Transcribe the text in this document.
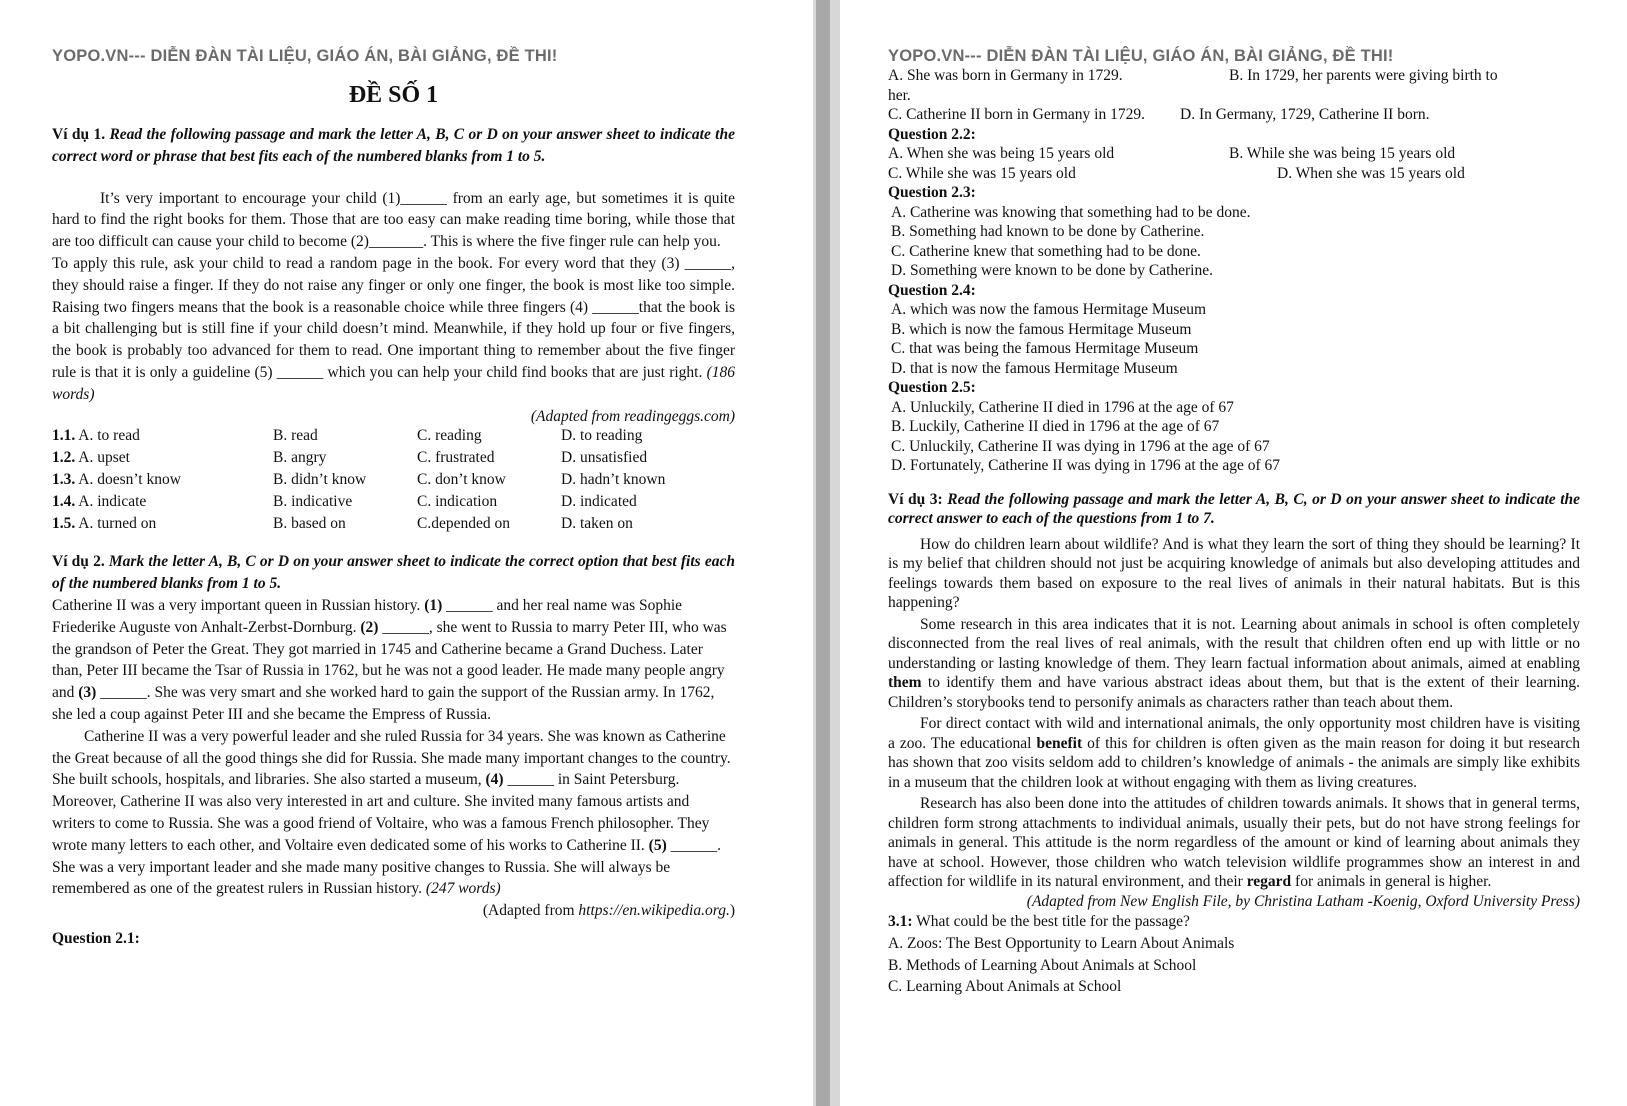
YOPO.VN--- DIỄN ĐÀN TÀI LIỆU, GIÁO ÁN, BÀI GIẢNG, ĐỀ THI!
ĐỀ SỐ 1

Ví dụ 1. Read the following passage and mark the letter A, B, C or D on your answer sheet to indicate the correct word or phrase that best fits each of the numbered blanks from 1 to 5.

It’s very important to encourage your child (1)______ from an early age, but sometimes it is quite hard to find the right books for them. Those that are too easy can make reading time boring, while those that are too difficult can cause your child to become (2)_______. This is where the five finger rule can help you.

To apply this rule, ask your child to read a random page in the book. For every word that they (3) ______, they should raise a finger. If they do not raise any finger or only one finger, the book is most like too simple. Raising two fingers means that the book is a reasonable choice while three fingers (4) ______that the book is a bit challenging but is still fine if your child doesn’t mind. Meanwhile, if they hold up four or five fingers, the book is probably too advanced for them to read. One important thing to remember about the five finger rule is that it is only a guideline (5) ______ which you can help your child find books that are just right. (186 words)

(Adapted from readingeggs.com)

1.1. A. to read	B. read	C. reading	D. to reading
1.2. A. upset	B. angry	C. frustrated	D. unsatisfied
1.3. A. doesn’t know	B. didn’t know	C. don’t know	D. hadn’t known
1.4. A. indicate	B. indicative	C. indication	D. indicated
1.5. A. turned on	B. based on	C.depended on	D. taken on

Ví dụ 2. Mark the letter A, B, C or D on your answer sheet to indicate the correct option that best fits each of the numbered blanks from 1 to 5.

Catherine II was a very important queen in Russian history. (1) ______ and her real name was Sophie Friederike Auguste von Anhalt-Zerbst-Dornburg. (2) ______, she went to Russia to marry Peter III, who was the grandson of Peter the Great. They got married in 1745 and Catherine became a Grand Duchess. Later than, Peter III became the Tsar of Russia in 1762, but he was not a good leader. He made many people angry and (3) ______. She was very smart and she worked hard to gain the support of the Russian army. In 1762, she led a coup against Peter III and she became the Empress of Russia.

Catherine II was a very powerful leader and she ruled Russia for 34 years. She was known as Catherine the Great because of all the good things she did for Russia. She made many important changes to the country. She built schools, hospitals, and libraries. She also started a museum, (4) ______ in Saint Petersburg. Moreover, Catherine II was also very interested in art and culture. She invited many famous artists and writers to come to Russia. She was a good friend of Voltaire, who was a famous French philosopher. They wrote many letters to each other, and Voltaire even dedicated some of his works to Catherine II. (5) ______. She was a very important leader and she made many positive changes to Russia. She will always be remembered as one of the greatest rulers in Russian history. (247 words)

(Adapted from https://en.wikipedia.org.)

Question 2.1:

YOPO.VN--- DIỄN ĐÀN TÀI LIỆU, GIÁO ÁN, BÀI GIẢNG, ĐỀ THI!
A. She was born in Germany in 1729.	B. In 1729, her parents were giving birth to
her.
C. Catherine II born in Germany in 1729.	D. In Germany, 1729, Catherine II born.
Question 2.2:
A. When she was being 15 years old	B. While she was being 15 years old
C. While she was 15 years old	D. When she was 15 years old
Question 2.3:
A. Catherine was knowing that something had to be done.
B. Something had known to be done by Catherine.
C. Catherine knew that something had to be done.
D. Something were known to be done by Catherine.
Question 2.4:
A. which was now the famous Hermitage Museum
B. which is now the famous Hermitage Museum
C. that was being the famous Hermitage Museum
D. that is now the famous Hermitage Museum
Question 2.5:
A. Unluckily, Catherine II died in 1796 at the age of 67
B. Luckily, Catherine II died in 1796 at the age of 67
C. Unluckily, Catherine II was dying in 1796 at the age of 67
D. Fortunately, Catherine II was dying in 1796 at the age of 67

Ví dụ 3: Read the following passage and mark the letter A, B, C, or D on your answer sheet to indicate the correct answer to each of the questions from 1 to 7.

How do children learn about wildlife? And is what they learn the sort of thing they should be learning? It is my belief that children should not just be acquiring knowledge of animals but also developing attitudes and feelings towards them based on exposure to the real lives of animals in their natural habitats. But is this happening?

Some research in this area indicates that it is not. Learning about animals in school is often completely disconnected from the real lives of real animals, with the result that children often end up with little or no understanding or lasting knowledge of them. They learn factual information about animals, aimed at enabling them to identify them and have various abstract ideas about them, but that is the extent of their learning. Children’s storybooks tend to personify animals as characters rather than teach about them.

For direct contact with wild and international animals, the only opportunity most children have is visiting a zoo. The educational benefit of this for children is often given as the main reason for doing it but research has shown that zoo visits seldom add to children’s knowledge of animals - the animals are simply like exhibits in a museum that the children look at without engaging with them as living creatures.

Research has also been done into the attitudes of children towards animals. It shows that in general terms, children form strong attachments to individual animals, usually their pets, but do not have strong feelings for animals in general. This attitude is the norm regardless of the amount or kind of learning about animals they have at school. However, those children who watch television wildlife programmes show an interest in and affection for wildlife in its natural environment, and their regard for animals in general is higher.

(Adapted from New English File, by Christina Latham -Koenig, Oxford University Press)

3.1: What could be the best title for the passage?

A. Zoos: The Best Opportunity to Learn About Animals
B. Methods of Learning About Animals at School
C. Learning About Animals at School
